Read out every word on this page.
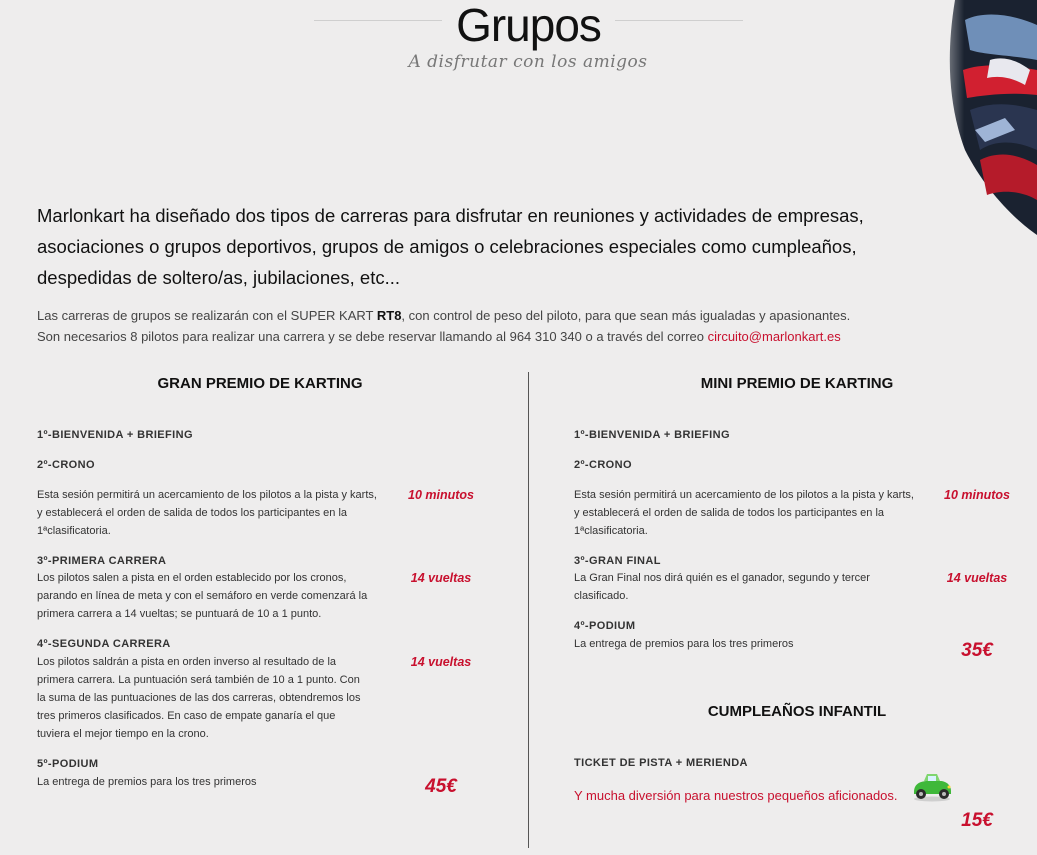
Grupos
A disfrutar con los amigos

Marlonkart ha diseñado dos tipos de carreras para disfrutar en reuniones y actividades de empresas, asociaciones o grupos deportivos, grupos de amigos o celebraciones especiales como cumpleaños, despedidas de soltero/as, jubilaciones, etc...

Las carreras de grupos se realizarán con el SUPER KART RT8, con control de peso del piloto, para que sean más igualadas y apasionantes.
Son necesarios 8 pilotos para realizar una carrera y se debe reservar llamando al 964 310 340 o a través del correo circuito@marlonkart.es
GRAN PREMIO DE KARTING
1º-BIENVENIDA + BRIEFING
2º-CRONO
Esta sesión permitirá un acercamiento de los pilotos a la pista y karts, y establecerá el orden de salida de todos los participantes en la 1ªclasificatoria.
10 minutos
3º-PRIMERA CARRERA
Los pilotos salen a pista en el orden establecido por los cronos, parando en línea de meta y con el semáforo en verde comenzará la primera carrera a 14 vueltas; se puntuará de 10 a 1 punto.
14 vueltas
4º-SEGUNDA CARRERA
Los pilotos saldrán a pista en orden inverso al resultado de la primera carrera. La puntuación será también de 10 a 1 punto. Con la suma de las puntuaciones de las dos carreras, obtendremos los tres primeros clasificados. En caso de empate ganaría el que tuviera el mejor tiempo en la crono.
14 vueltas
5º-PODIUM
La entrega de premios para los tres primeros	45€
MINI PREMIO DE KARTING
1º-BIENVENIDA + BRIEFING
2º-CRONO
Esta sesión permitirá un acercamiento de los pilotos a la pista y karts, y establecerá el orden de salida de todos los participantes en la 1ªclasificatoria.
10 minutos
3º-GRAN FINAL
La Gran Final nos dirá quién es el ganador, segundo y tercer clasificado.
14 vueltas
4º-PODIUM
La entrega de premios para los tres primeros	35€
CUMPLEAÑOS INFANTIL
TICKET DE PISTA + MERIENDA
Y mucha diversión para nuestros pequeños aficionados.
15€
